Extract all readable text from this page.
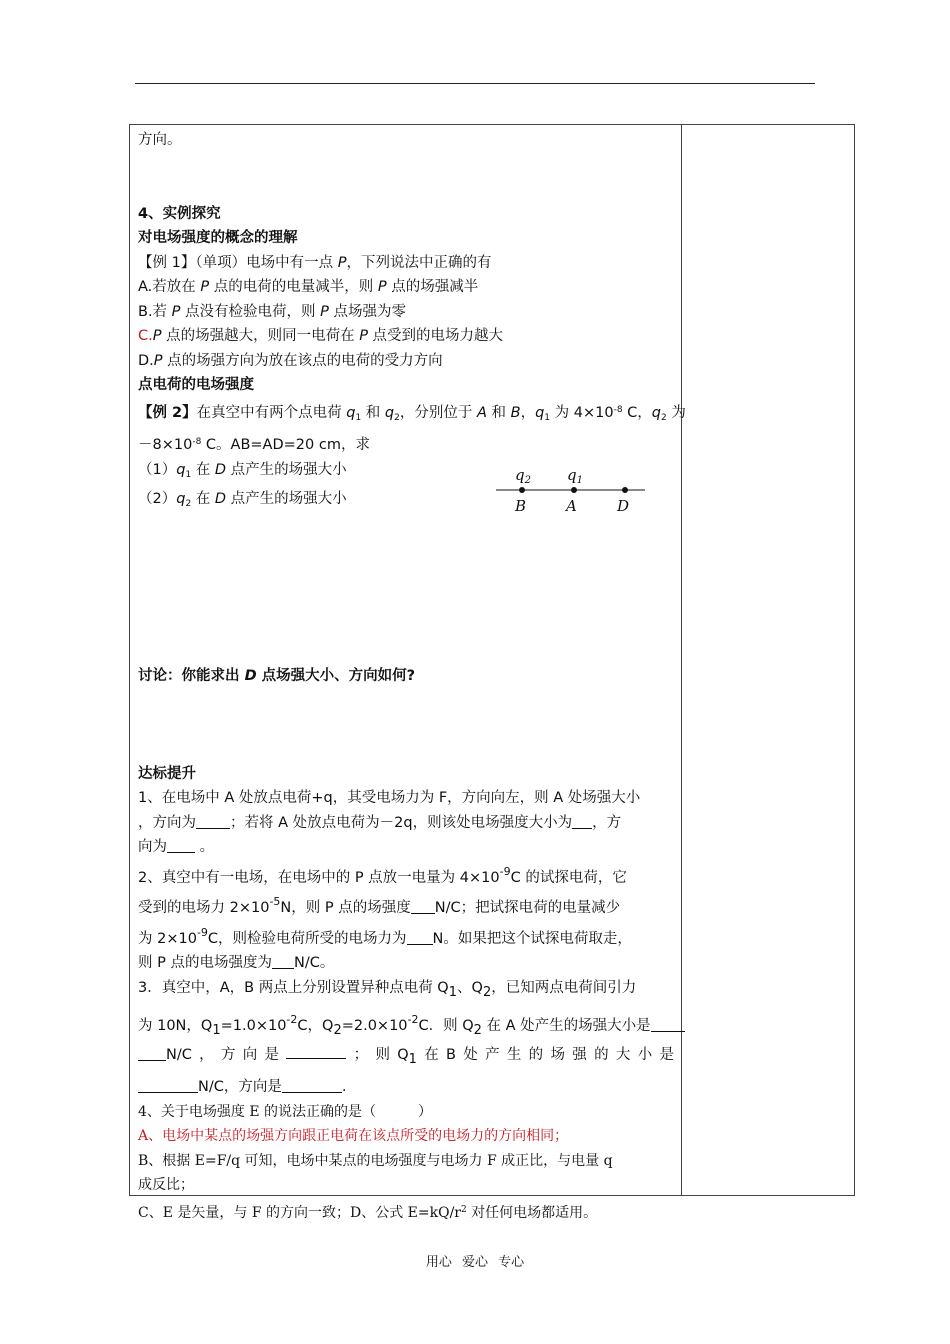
方向。
4、实例探究
对电场强度的概念的理解
【例 1】（单项）电场中有一点 P，下列说法中正确的有
A.若放在 P 点的电荷的电量减半，则 P 点的场强减半
B.若 P 点没有检验电荷，则 P 点场强为零
C.P 点的场强越大，则同一电荷在 P 点受到的电场力越大
D.P 点的场强方向为放在该点的电荷的受力方向
点电荷的电场强度
【例 2】在真空中有两个点电荷 $q_1$ 和 $q_2$，分别位于 A 和 B，$q_1$ 为 $4\times 10^{-8}$ C，$q_2$ 为
$-8\times 10^{-8}$ C。AB=AD=20 cm，求
$(1)q_1$ 在 D 点产生的场强大小
$(2)q_2$ 在 D 点产生的场强大小
讨论：你能求出 D 点场强大小、方向如何?
达标提升
1、在电场中 A 处放点电荷+q，其受电场力为 F，方向向左，则 A 处场强大小
，方向为 ；若将 A 处放点电荷为－2q，则该处电场强度大小为 ，方
向为 。
2、真空中有一电场，在电场中的 P 点放一电量为 $4\times 10^{-9}C$ 的试探电荷，它
受到的电场力 $2\times 10^{-5}N$，则 P 点的场强度 N/C；把试探电荷的电量减少
为 $2\times 10^{-9}C$，则检验电荷所受的电场力为 N。如果把这个试探电荷取走，
则 P 点的电场强度为 N/C。
3．真空中，A，B 两点上分别设置异种点电荷 Q1、Q2，已知两点电荷间引力
为 10N，$Q1=1.0\times 10^{-2}C$，$Q2=2.0\times 10^{-2}C$．则 Q2 在 A 处产生的场强大小是
N/C ， 方 向 是	； 则 Q1 在 B 处 产 生 的 场 强 的 大 小 是
N/C，方向是	.
4、关于电场强度 E 的说法正确的是（　　　）
A、电场中某点的场强方向跟正电荷在该点所受的电场力的方向相同；
B、根据 E=F/q 可知，电场中某点的电场强度与电场力 F 成正比，与电量 q
成反比；
C、E 是矢量，与 F 的方向一致；D、公式 $E=kQ/r^2$ 对任何电场都适用。
$q_2$ $q_1$
B	A	D
用心 爱心 专心
